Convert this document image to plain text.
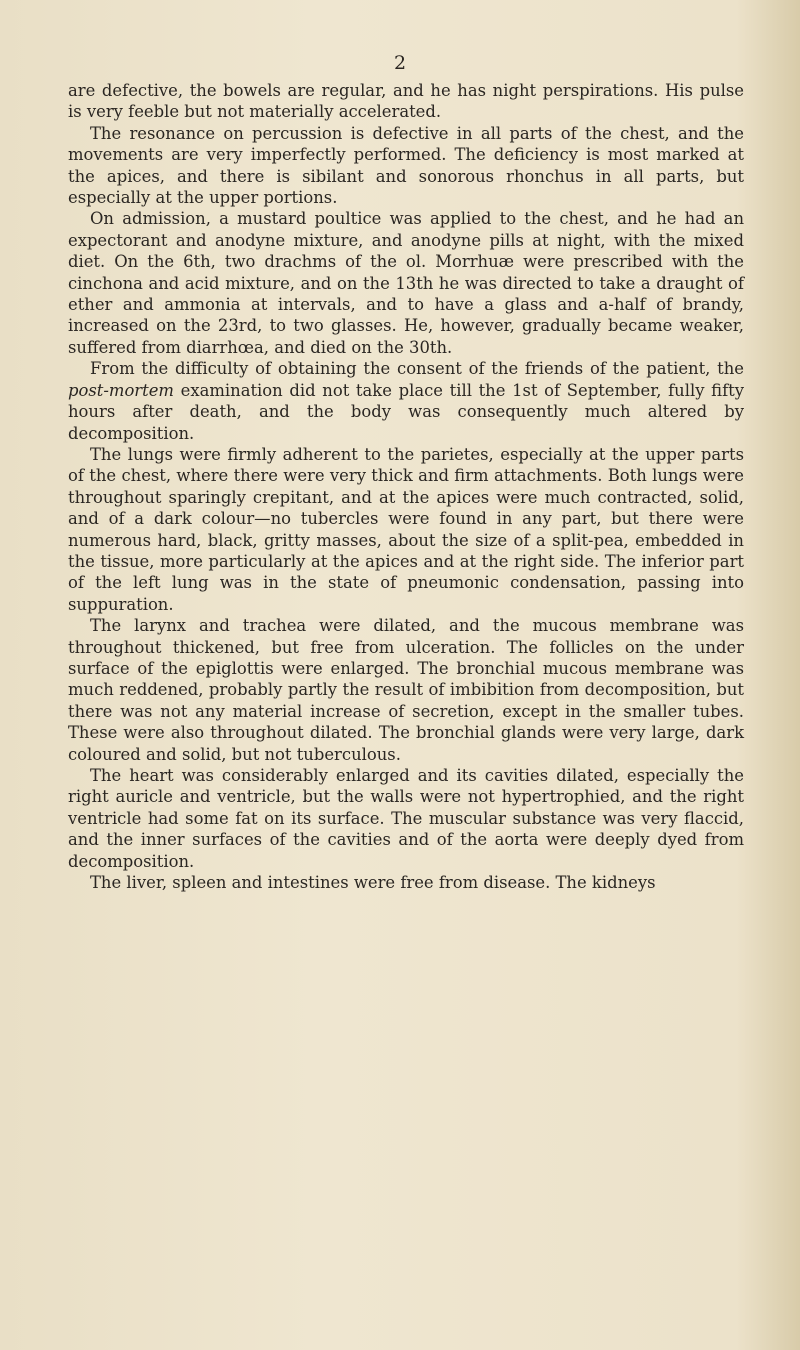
2

are defective, the bowels are regular, and he has night perspirations. His pulse is very feeble but not materially accelerated.

The resonance on percussion is defective in all parts of the chest, and the movements are very imperfectly performed. The deficiency is most marked at the apices, and there is sibilant and sonorous rhonchus in all parts, but especially at the upper portions.

On admission, a mustard poultice was applied to the chest, and he had an expectorant and anodyne mixture, and anodyne pills at night, with the mixed diet. On the 6th, two drachms of the ol. Morrhuæ were prescribed with the cinchona and acid mixture, and on the 13th he was directed to take a draught of ether and ammonia at intervals, and to have a glass and a-half of brandy, increased on the 23rd, to two glasses. He, however, gradually became weaker, suffered from diarrhœa, and died on the 30th.

From the difficulty of obtaining the consent of the friends of the patient, the post-mortem examination did not take place till the 1st of September, fully fifty hours after death, and the body was consequently much altered by decomposition.

The lungs were firmly adherent to the parietes, especially at the upper parts of the chest, where there were very thick and firm attachments. Both lungs were throughout sparingly crepitant, and at the apices were much contracted, solid, and of a dark colour—no tubercles were found in any part, but there were numerous hard, black, gritty masses, about the size of a split-pea, embedded in the tissue, more particularly at the apices and at the right side. The inferior part of the left lung was in the state of pneumonic condensation, passing into suppuration.

The larynx and trachea were dilated, and the mucous membrane was throughout thickened, but free from ulceration. The follicles on the under surface of the epiglottis were enlarged. The bronchial mucous membrane was much reddened, probably partly the result of imbibition from decomposition, but there was not any material increase of secretion, except in the smaller tubes. These were also throughout dilated. The bronchial glands were very large, dark coloured and solid, but not tuberculous.

The heart was considerably enlarged and its cavities dilated, especially the right auricle and ventricle, but the walls were not hypertrophied, and the right ventricle had some fat on its surface. The muscular substance was very flaccid, and the inner surfaces of the cavities and of the aorta were deeply dyed from decomposition.

The liver, spleen and intestines were free from disease. The kidneys
